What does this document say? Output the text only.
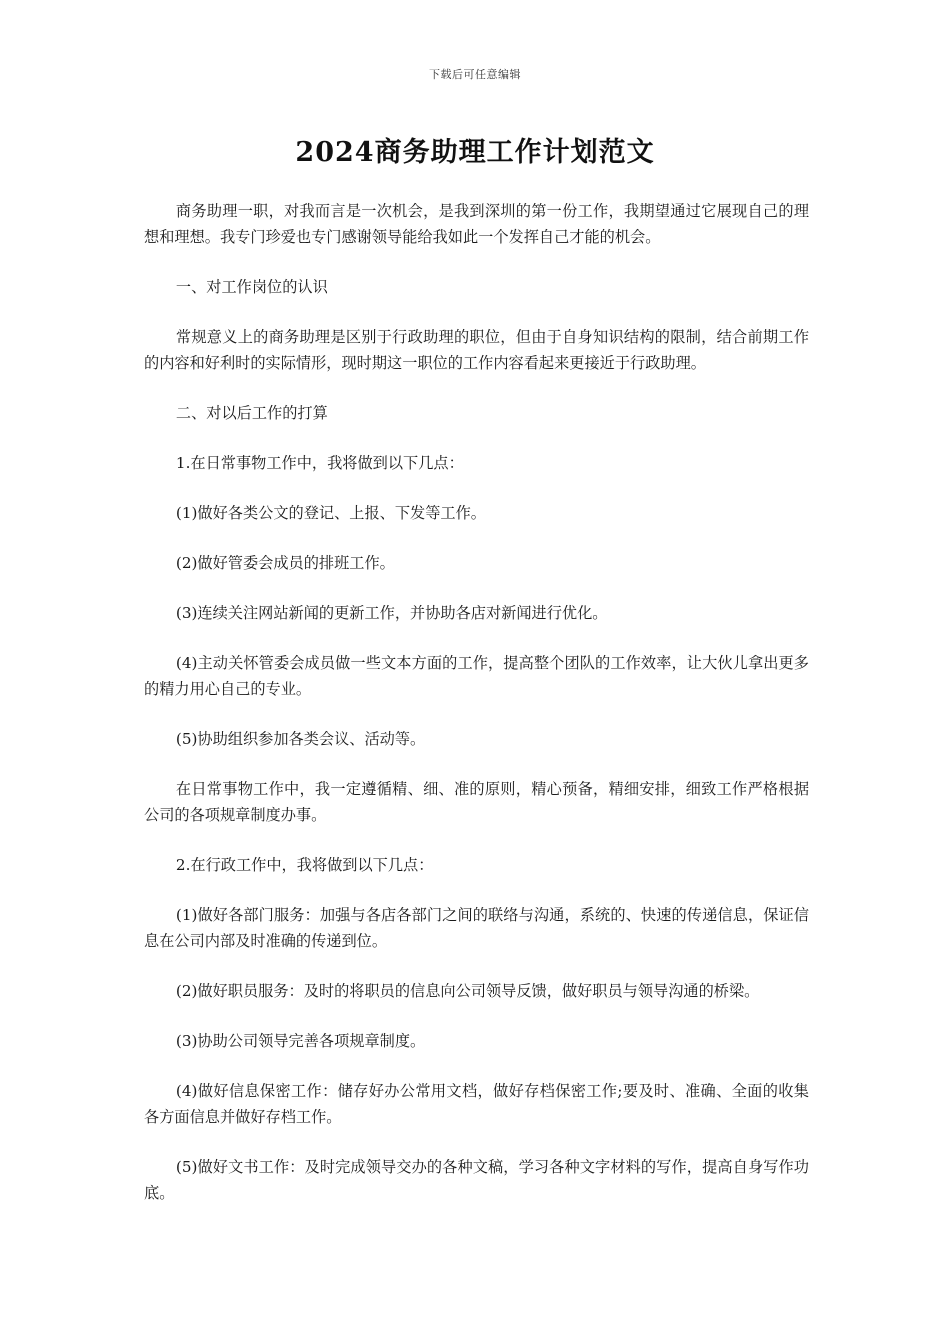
下载后可任意编辑
2024商务助理工作计划范文

商务助理一职，对我而言是一次机会，是我到深圳的第一份工作，我期望通过它展现自己的理想和理想。我专门珍爱也专门感谢领导能给我如此一个发挥自己才能的机会。

一、对工作岗位的认识

常规意义上的商务助理是区别于行政助理的职位，但由于自身知识结构的限制，结合前期工作的内容和好利时的实际情形，现时期这一职位的工作内容看起来更接近于行政助理。

二、对以后工作的打算

1.在日常事物工作中，我将做到以下几点：

(1)做好各类公文的登记、上报、下发等工作。

(2)做好管委会成员的排班工作。

(3)连续关注网站新闻的更新工作，并协助各店对新闻进行优化。

(4)主动关怀管委会成员做一些文本方面的工作，提高整个团队的工作效率，让大伙儿拿出更多的精力用心自己的专业。

(5)协助组织参加各类会议、活动等。

在日常事物工作中，我一定遵循精、细、准的原则，精心预备，精细安排，细致工作严格根据公司的各项规章制度办事。

2.在行政工作中，我将做到以下几点：

(1)做好各部门服务：加强与各店各部门之间的联络与沟通，系统的、快速的传递信息，保证信息在公司内部及时准确的传递到位。

(2)做好职员服务：及时的将职员的信息向公司领导反馈，做好职员与领导沟通的桥梁。

(3)协助公司领导完善各项规章制度。

(4)做好信息保密工作：储存好办公常用文档，做好存档保密工作;要及时、准确、全面的收集各方面信息并做好存档工作。

(5)做好文书工作：及时完成领导交办的各种文稿，学习各种文字材料的写作，提高自身写作功底。
